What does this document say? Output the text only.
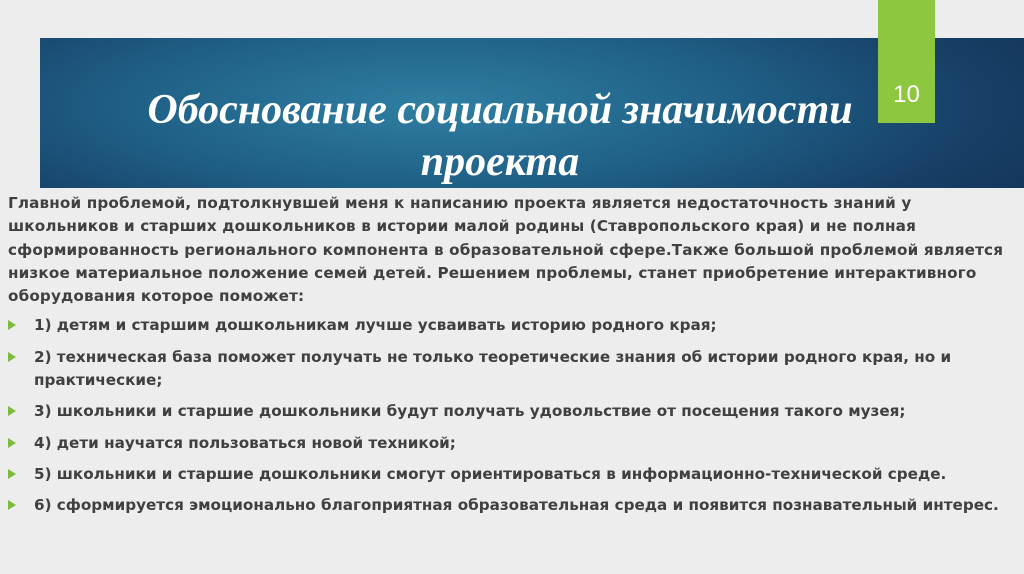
Обоснование социальной значимости
проекта
10

Главной проблемой, подтолкнувшей меня к написанию проекта является недостаточность знаний у школьников и старших дошкольников в истории малой родины (Ставропольского края) и не полная сформированность регионального компонента в образовательной сфере.Также большой проблемой является низкое материальное положение семей детей. Решением проблемы, станет приобретение интерактивного оборудования которое поможет:

1) детям и старшим дошкольникам лучше усваивать историю родного края;
2) техническая база поможет получать не только теоретические знания об истории родного края, но и практические;
3) школьники и старшие дошкольники будут получать удовольствие от посещения такого музея;
4) дети научатся пользоваться новой техникой;
5) школьники и старшие дошкольники смогут ориентироваться в информационно-технической среде.
6) сформируется эмоционально благоприятная образовательная среда и появится познавательный интерес.
